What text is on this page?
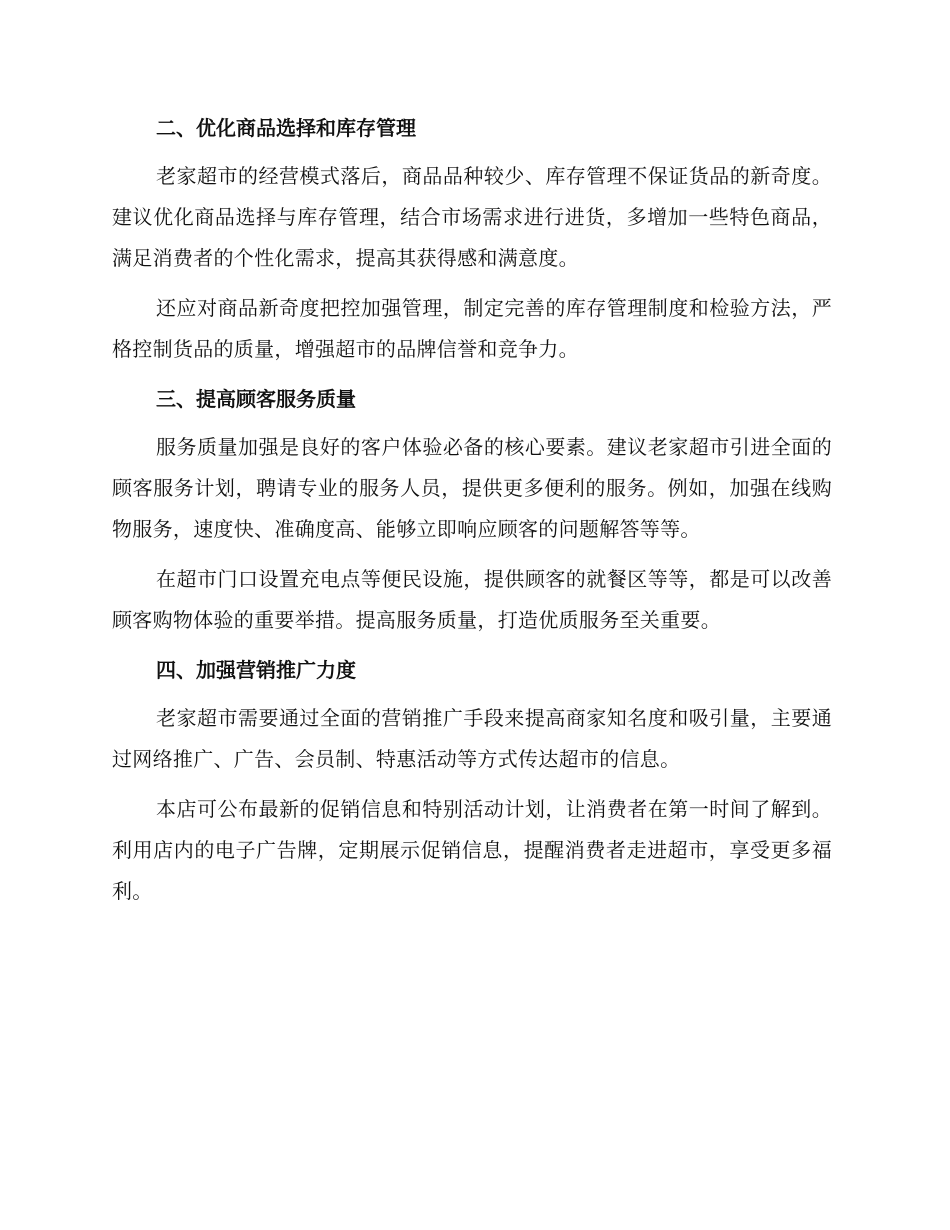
二、优化商品选择和库存管理

老家超市的经营模式落后，商品品种较少、库存管理不保证货品的新奇度。建议优化商品选择与库存管理，结合市场需求进行进货，多增加一些特色商品，满足消费者的个性化需求，提高其获得感和满意度。

还应对商品新奇度把控加强管理，制定完善的库存管理制度和检验方法，严格控制货品的质量，增强超市的品牌信誉和竞争力。

三、提高顾客服务质量

服务质量加强是良好的客户体验必备的核心要素。建议老家超市引进全面的顾客服务计划，聘请专业的服务人员，提供更多便利的服务。例如，加强在线购物服务，速度快、准确度高、能够立即响应顾客的问题解答等等。

在超市门口设置充电点等便民设施，提供顾客的就餐区等等，都是可以改善顾客购物体验的重要举措。提高服务质量，打造优质服务至关重要。

四、加强营销推广力度

老家超市需要通过全面的营销推广手段来提高商家知名度和吸引量，主要通过网络推广、广告、会员制、特惠活动等方式传达超市的信息。

本店可公布最新的促销信息和特别活动计划，让消费者在第一时间了解到。利用店内的电子广告牌，定期展示促销信息，提醒消费者走进超市，享受更多福利。
